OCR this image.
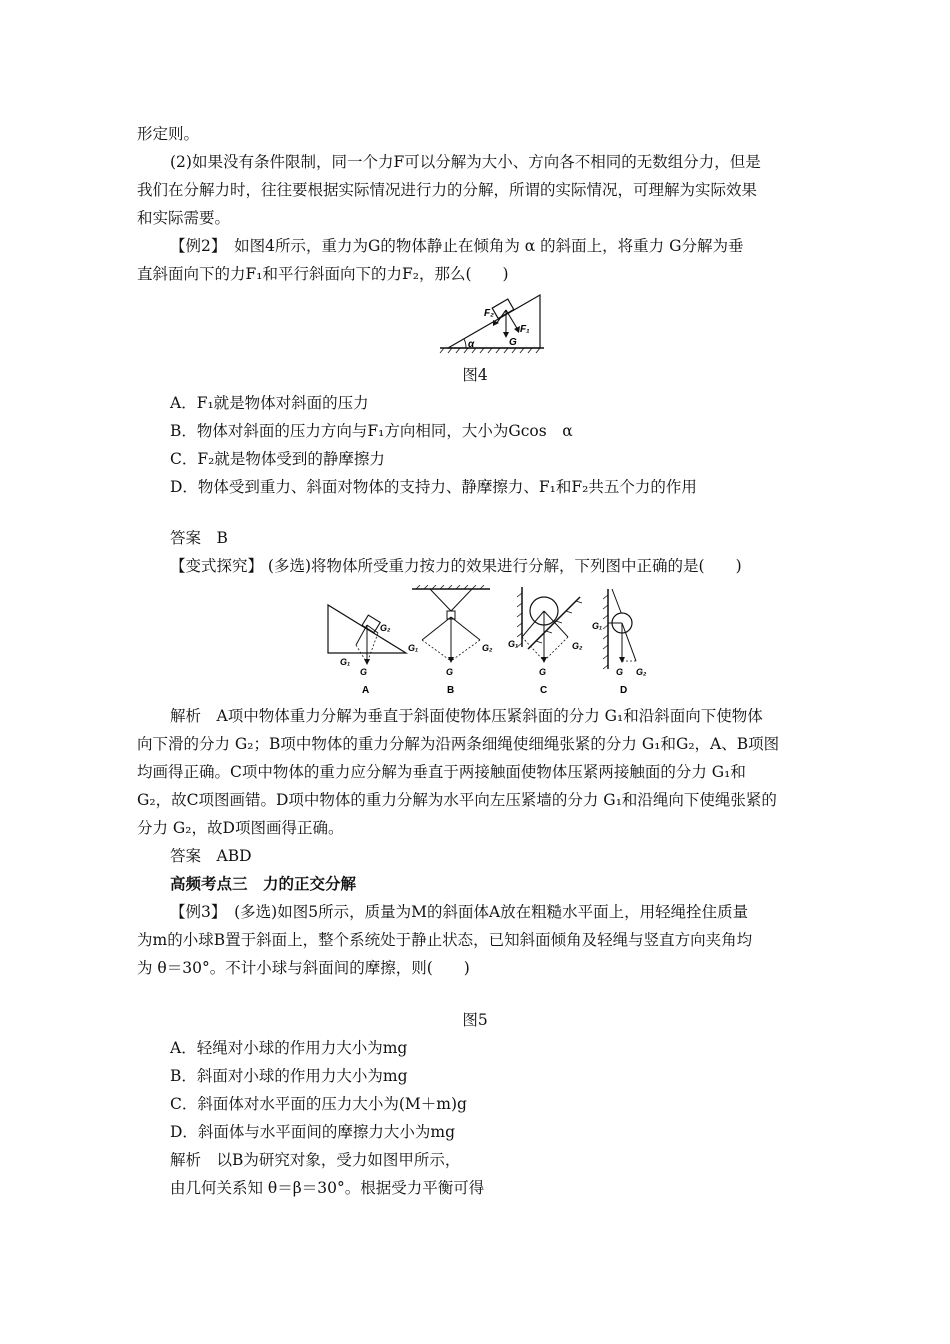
形定则。
(2)如果没有条件限制，同一个力F可以分解为大小、方向各不相同的无数组分力，但是
我们在分解力时，往往要根据实际情况进行力的分解，所谓的实际情况，可理解为实际效果
和实际需要。
【例2】　如图4所示，重力为G的物体静止在倾角为 α 的斜面上，将重力 G分解为垂
直斜面向下的力F₁和平行斜面向下的力F₂，那么(　　)
F₂
F₁
G
α
图4
A．F₁就是物体对斜面的压力
B．物体对斜面的压力方向与F₁方向相同，大小为Gcos　α
C．F₂就是物体受到的静摩擦力
D．物体受到重力、斜面对物体的支持力、静摩擦力、F₁和F₂共五个力的作用
答案　B
【变式探究】 (多选)将物体所受重力按力的效果进行分解，下列图中正确的是(　　)
G₂
G₁
G
A
G₁	G₂
G
B
G₁	G₂
G
C
G₁
G G₂
D
解析　A项中物体重力分解为垂直于斜面使物体压紧斜面的分力 G₁和沿斜面向下使物体
向下滑的分力 G₂；B项中物体的重力分解为沿两条细绳使细绳张紧的分力 G₁和G₂，A、B项图
均画得正确。C项中物体的重力应分解为垂直于两接触面使物体压紧两接触面的分力 G₁和
G₂，故C项图画错。D项中物体的重力分解为水平向左压紧墙的分力 G₁和沿绳向下使绳张紧的
分力 G₂，故D项图画得正确。
答案　ABD
高频考点三　力的正交分解
【例3】　(多选)如图5所示，质量为M的斜面体A放在粗糙水平面上，用轻绳拴住质量
为m的小球B置于斜面上，整个系统处于静止状态，已知斜面倾角及轻绳与竖直方向夹角均
为 θ＝30°。不计小球与斜面间的摩擦，则(　　)
图5
A．轻绳对小球的作用力大小为mg
B．斜面对小球的作用力大小为mg
C．斜面体对水平面的压力大小为(M＋m)g
D．斜面体与水平面间的摩擦力大小为mg
解析　以B为研究对象，受力如图甲所示，
由几何关系知 θ＝β＝30°。根据受力平衡可得
